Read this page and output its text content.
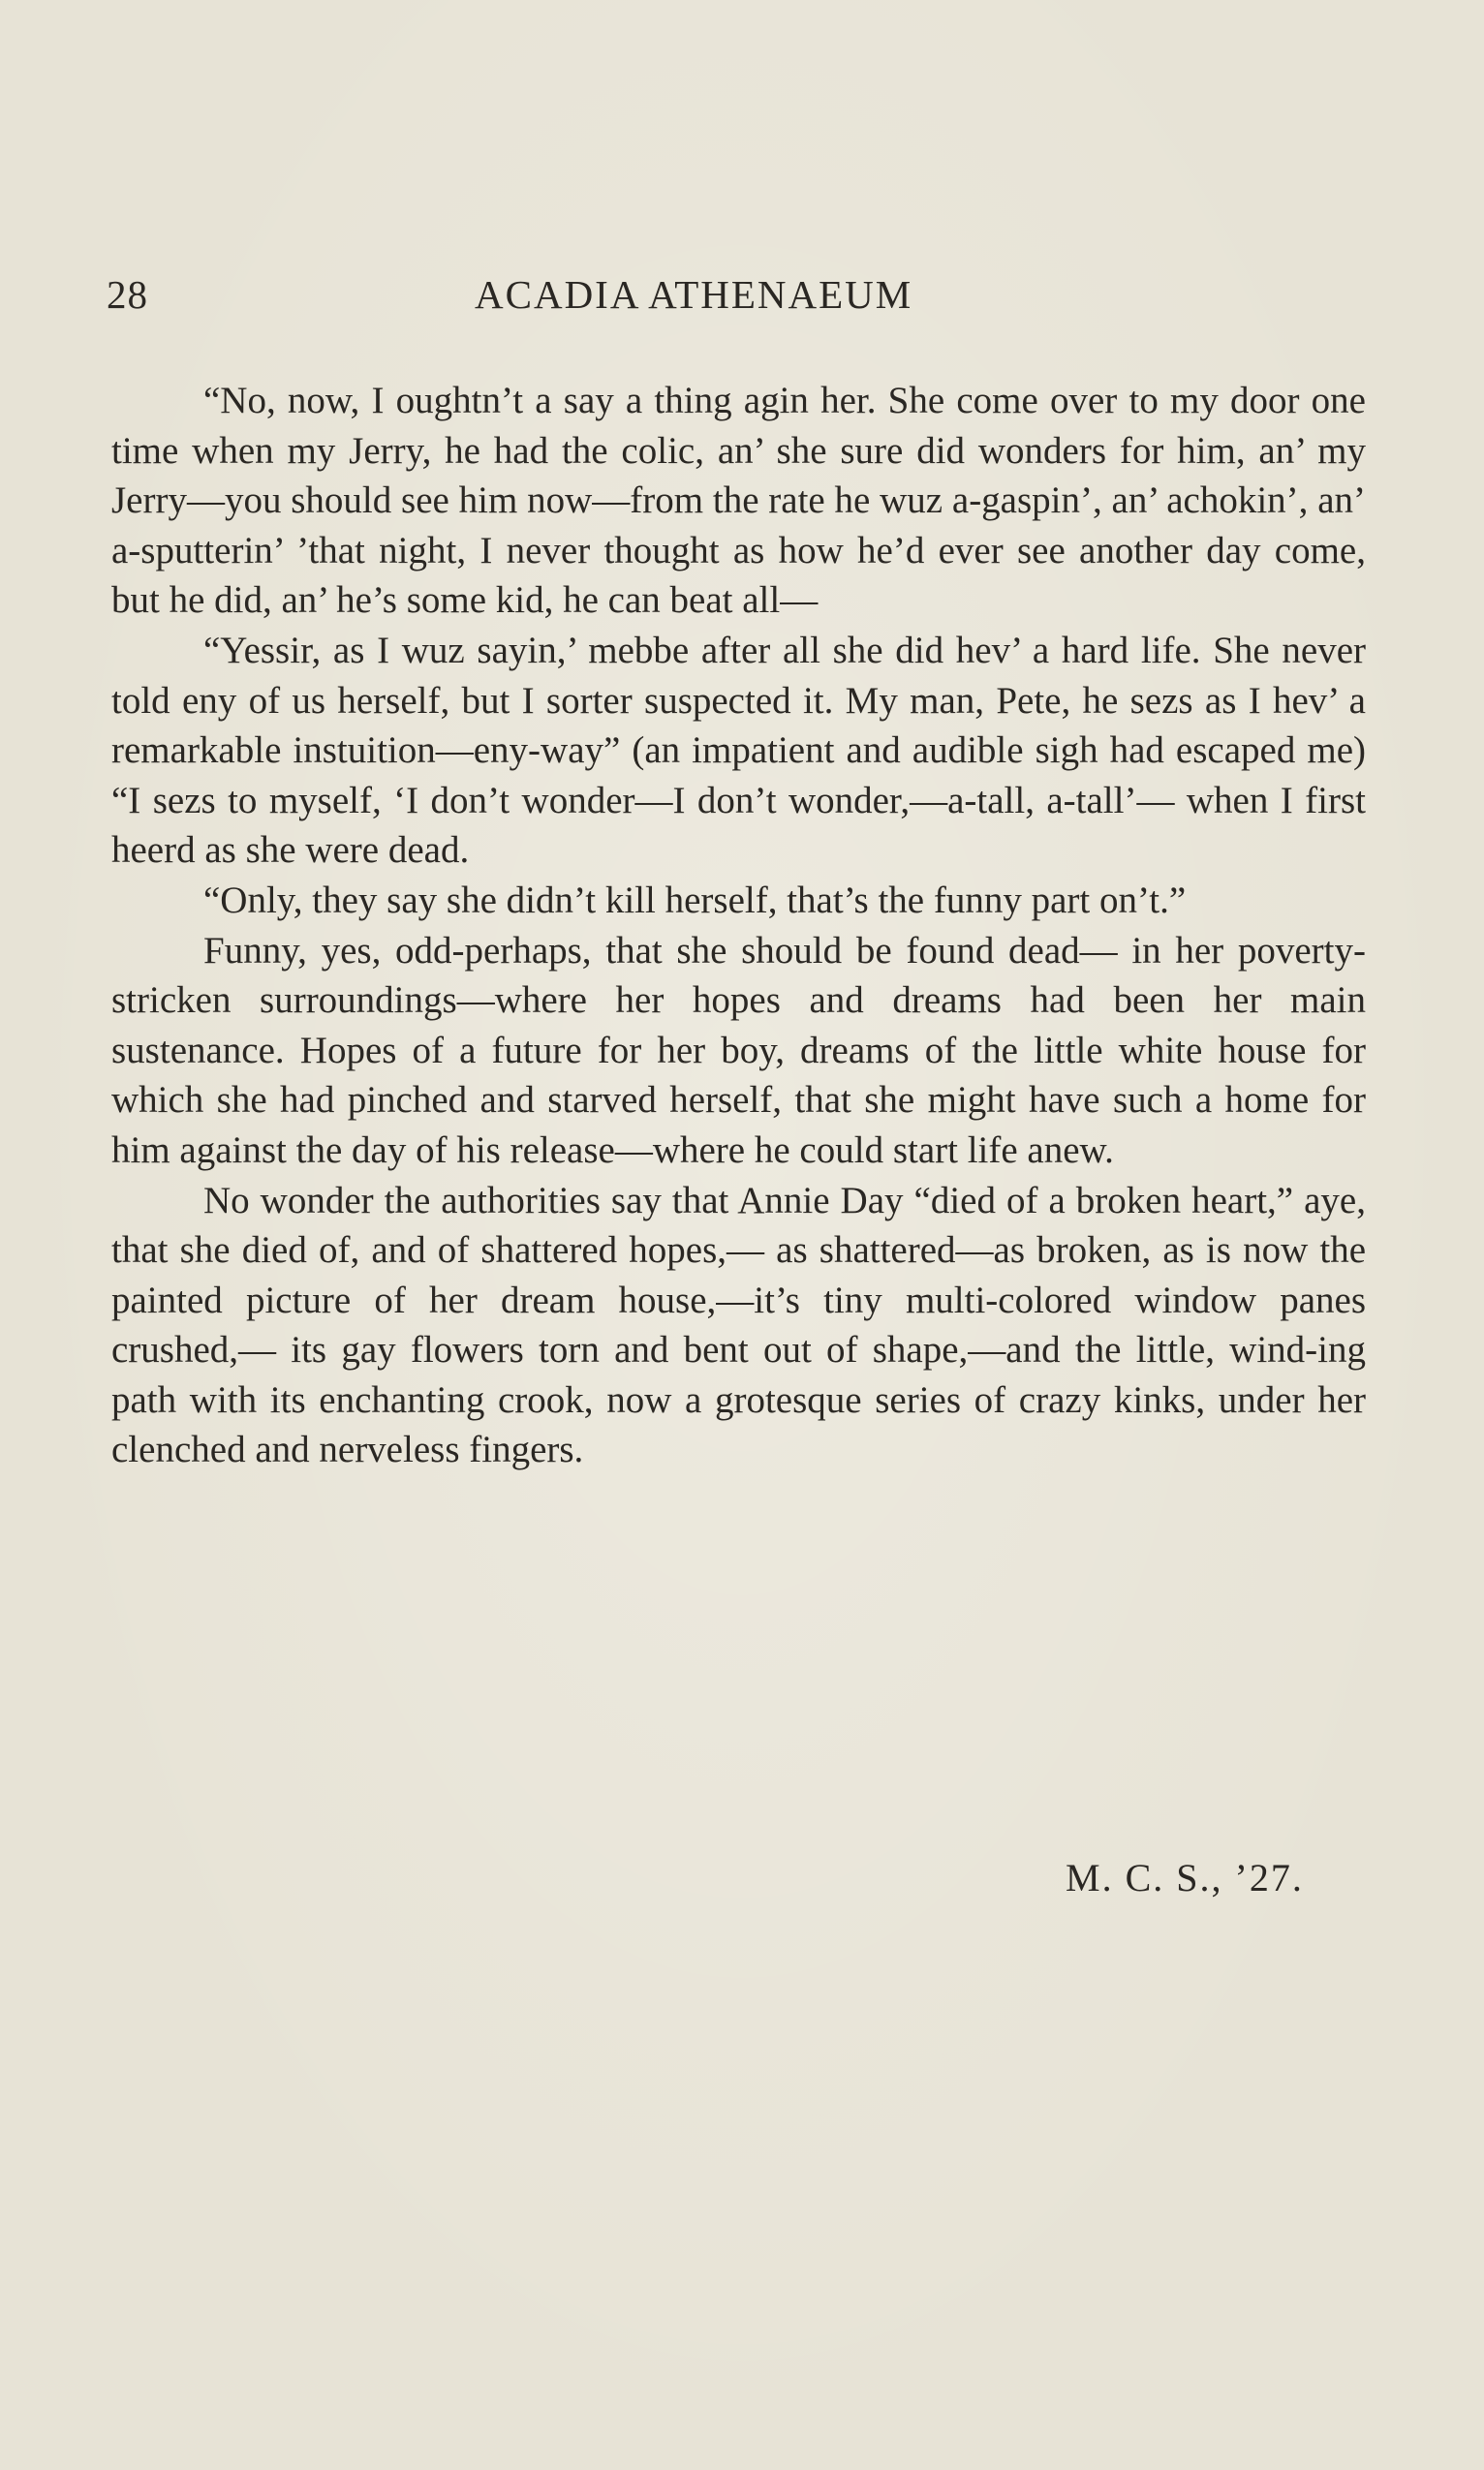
28	ACADIA ATHENAEUM

“No, now, I oughtn’t a say a thing agin her. She come over to my door one time when my Jerry, he had the colic, an’ she sure did wonders for him, an’ my Jerry—you should see him now—from the rate he wuz a-gaspin’, an’ achokin’, an’ a-sputterin’ ’that night, I never thought as how he’d ever see another day come, but he did, an’ he’s some kid, he can beat all—

“Yessir, as I wuz sayin,’ mebbe after all she did hev’ a hard life. She never told eny of us herself, but I sorter suspected it. My man, Pete, he sezs as I hev’ a remarkable instuition—eny-way” (an impatient and audible sigh had escaped me) “I sezs to myself, ‘I don’t wonder—I don’t wonder,—a-tall, a-tall’— when I first heerd as she were dead.

“Only, they say she didn’t kill herself, that’s the funny part on’t.”

Funny, yes, odd-perhaps, that she should be found dead— in her poverty-stricken surroundings—where her hopes and dreams had been her main sustenance. Hopes of a future for her boy, dreams of the little white house for which she had pinched and starved herself, that she might have such a home for him against the day of his release—where he could start life anew.

No wonder the authorities say that Annie Day “died of a broken heart,” aye, that she died of, and of shattered hopes,— as shattered—as broken, as is now the painted picture of her dream house,—it’s tiny multi-colored window panes crushed,— its gay flowers torn and bent out of shape,—and the little, wind-ing path with its enchanting crook, now a grotesque series of crazy kinks, under her clenched and nerveless fingers.

M. C. S., ’27.
